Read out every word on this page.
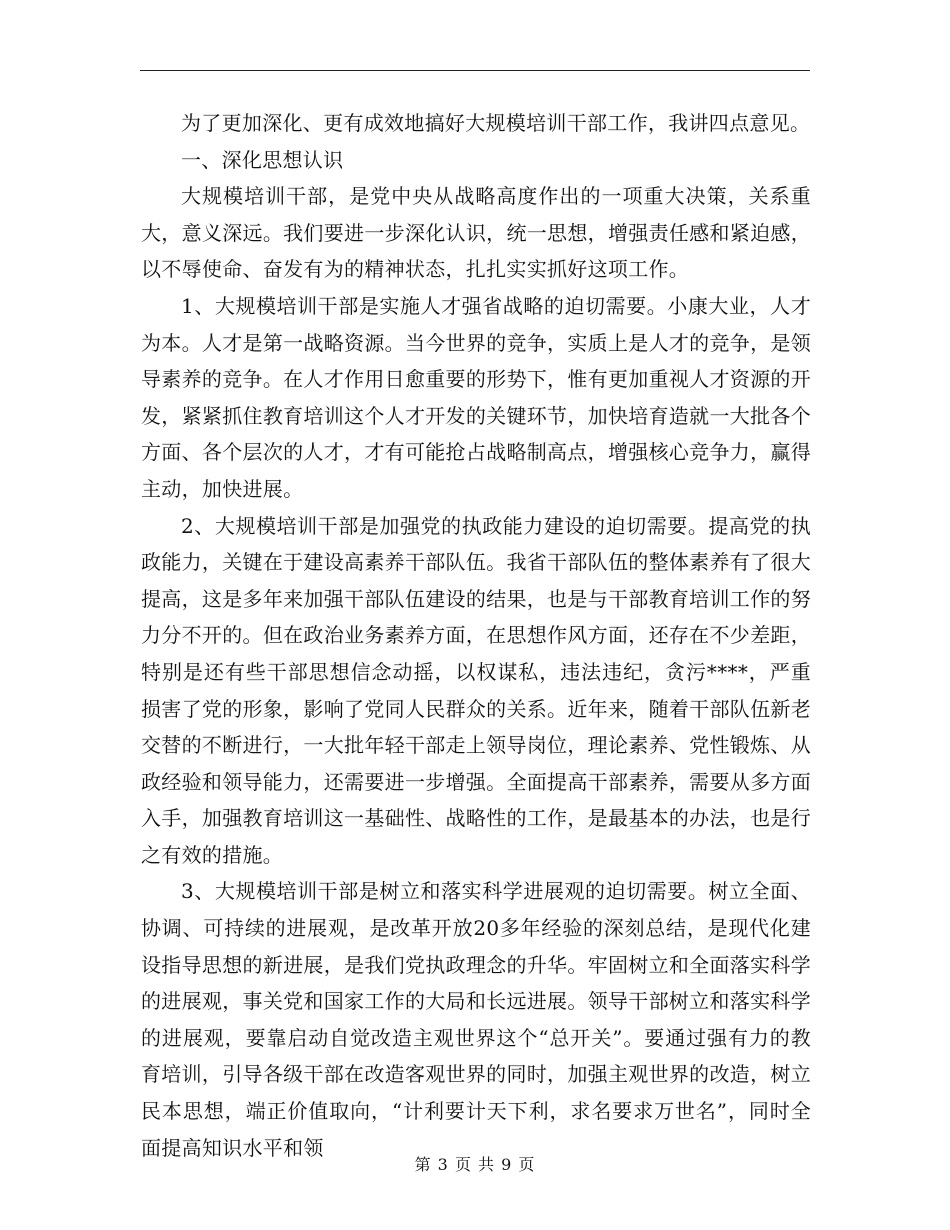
为了更加深化、更有成效地搞好大规模培训干部工作，我讲四点意见。

一、深化思想认识

大规模培训干部，是党中央从战略高度作出的一项重大决策，关系重大，意义深远。我们要进一步深化认识，统一思想，增强责任感和紧迫感，以不辱使命、奋发有为的精神状态，扎扎实实抓好这项工作。

1、大规模培训干部是实施人才强省战略的迫切需要。小康大业，人才为本。人才是第一战略资源。当今世界的竞争，实质上是人才的竞争，是领导素养的竞争。在人才作用日愈重要的形势下，惟有更加重视人才资源的开发，紧紧抓住教育培训这个人才开发的关键环节，加快培育造就一大批各个方面、各个层次的人才，才有可能抢占战略制高点，增强核心竞争力，赢得主动，加快进展。

2、大规模培训干部是加强党的执政能力建设的迫切需要。提高党的执政能力，关键在于建设高素养干部队伍。我省干部队伍的整体素养有了很大提高，这是多年来加强干部队伍建设的结果，也是与干部教育培训工作的努力分不开的。但在政治业务素养方面，在思想作风方面，还存在不少差距，特别是还有些干部思想信念动摇，以权谋私，违法违纪，贪污****，严重损害了党的形象，影响了党同人民群众的关系。近年来，随着干部队伍新老交替的不断进行，一大批年轻干部走上领导岗位，理论素养、党性锻炼、从政经验和领导能力，还需要进一步增强。全面提高干部素养，需要从多方面入手，加强教育培训这一基础性、战略性的工作，是最基本的办法，也是行之有效的措施。

3、大规模培训干部是树立和落实科学进展观的迫切需要。树立全面、协调、可持续的进展观，是改革开放20多年经验的深刻总结，是现代化建设指导思想的新进展，是我们党执政理念的升华。牢固树立和全面落实科学的进展观，事关党和国家工作的大局和长远进展。领导干部树立和落实科学的进展观，要靠启动自觉改造主观世界这个“总开关”。要通过强有力的教育培训，引导各级干部在改造客观世界的同时，加强主观世界的改造，树立民本思想，端正价值取向，“计利要计天下利，求名要求万世名”，同时全面提高知识水平和领

第 3 页 共 9 页
